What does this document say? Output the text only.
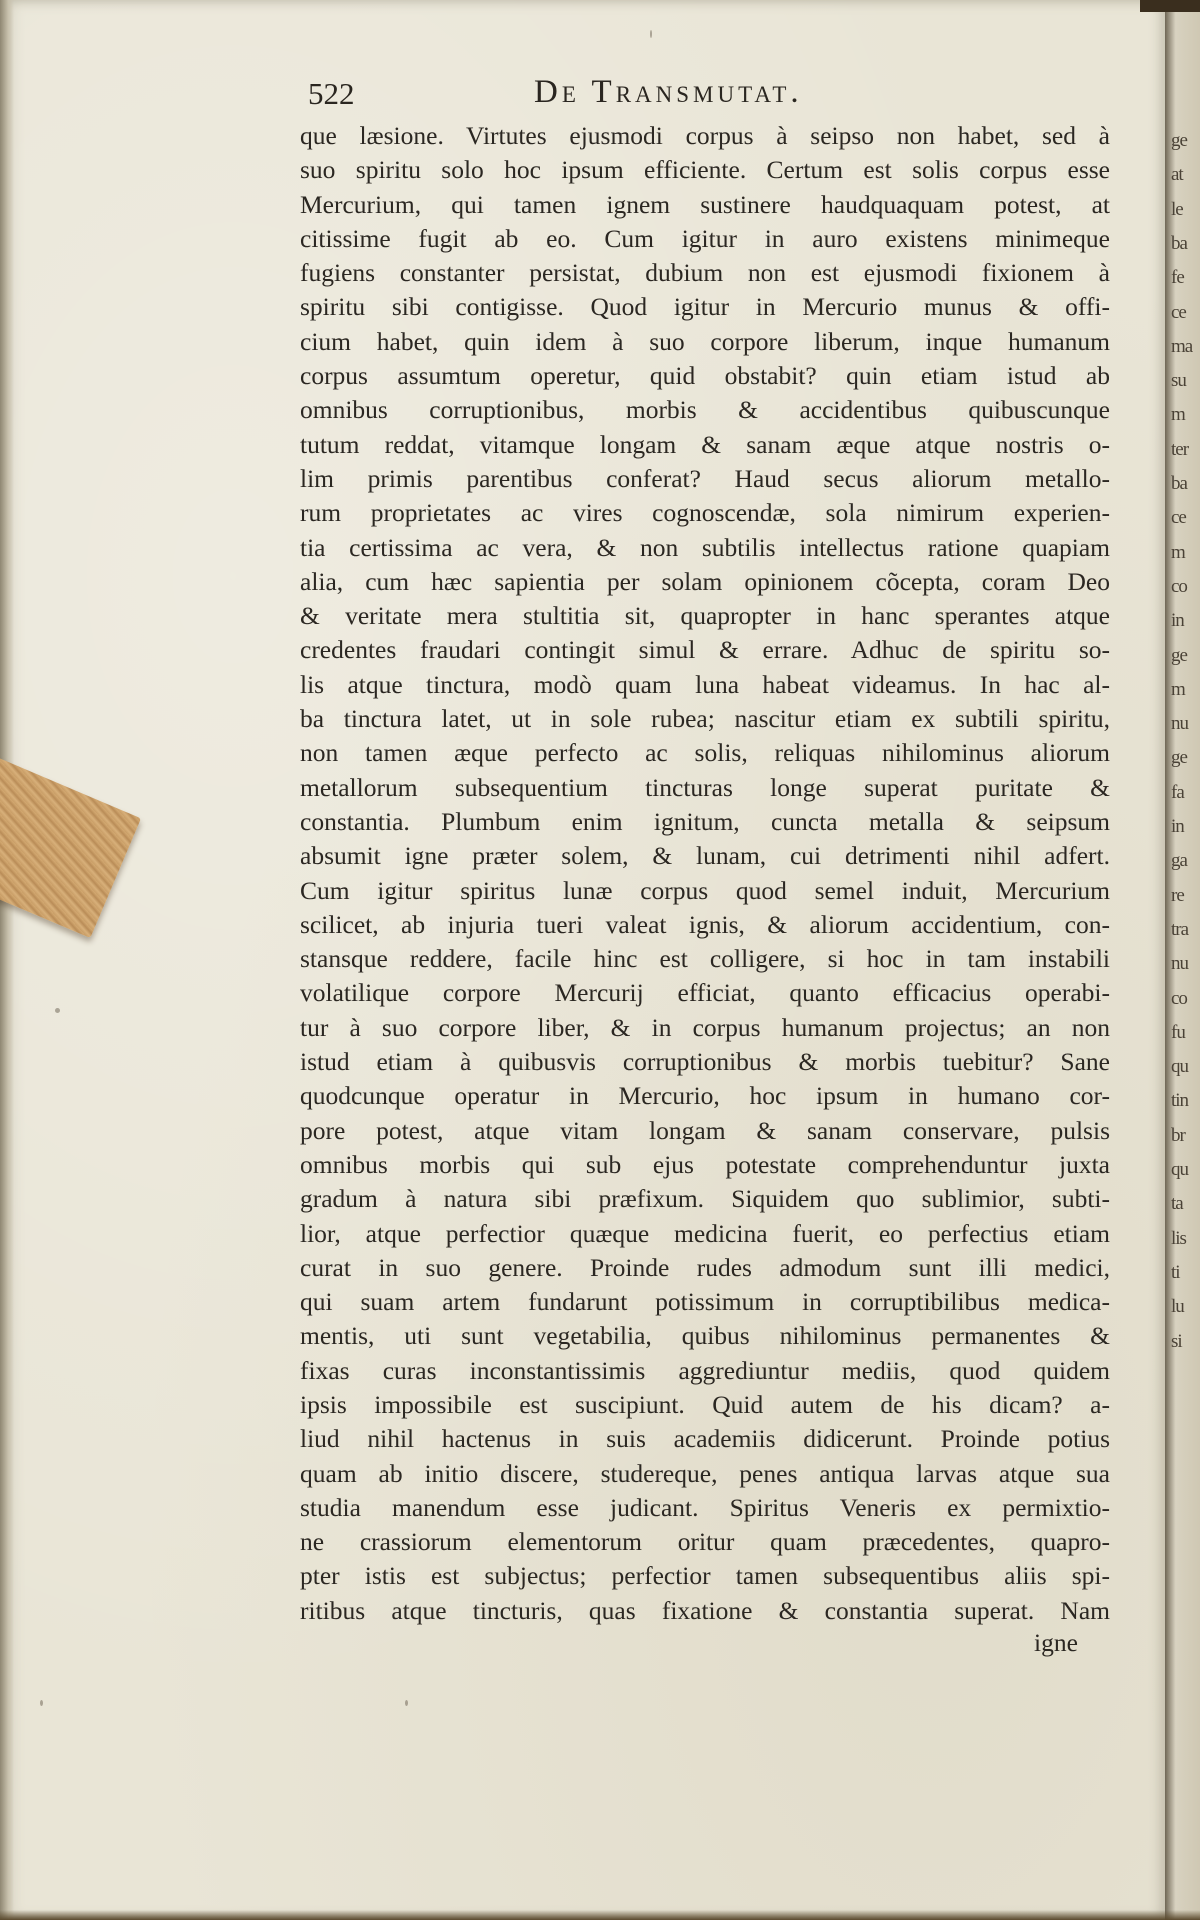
522	De Transmutat.
que læsione. Virtutes ejusmodi corpus à seipso non habet, sed à
suo spiritu solo hoc ipsum efficiente. Certum est solis corpus esse
Mercurium, qui tamen ignem sustinere haudquaquam potest, at
citissime fugit ab eo. Cum igitur in auro existens minimeque
fugiens constanter persistat, dubium non est ejusmodi fixionem à
spiritu sibi contigisse. Quod igitur in Mercurio munus & offi-
cium habet, quin idem à suo corpore liberum, inque humanum
corpus assumtum operetur, quid obstabit? quin etiam istud ab
omnibus corruptionibus, morbis & accidentibus quibuscunque
tutum reddat, vitamque longam & sanam æque atque nostris o-
lim primis parentibus conferat? Haud secus aliorum metallo-
rum proprietates ac vires cognoscendæ, sola nimirum experien-
tia certissima ac vera, & non subtilis intellectus ratione quapiam
alia, cum hæc sapientia per solam opinionem cõcepta, coram Deo
& veritate mera stultitia sit, quapropter in hanc sperantes atque
credentes fraudari contingit simul & errare. Adhuc de spiritu so-
lis atque tinctura, modò quam luna habeat videamus. In hac al-
ba tinctura latet, ut in sole rubea; nascitur etiam ex subtili spiritu,
non tamen æque perfecto ac solis, reliquas nihilominus aliorum
metallorum subsequentium tincturas longe superat puritate &
constantia. Plumbum enim ignitum, cuncta metalla & seipsum
absumit igne præter solem, & lunam, cui detrimenti nihil adfert.
Cum igitur spiritus lunæ corpus quod semel induit, Mercurium
scilicet, ab injuria tueri valeat ignis, & aliorum accidentium, con-
stansque reddere, facile hinc est colligere, si hoc in tam instabili
volatilique corpore Mercurij efficiat, quanto efficacius operabi-
tur à suo corpore liber, & in corpus humanum projectus; an non
istud etiam à quibusvis corruptionibus & morbis tuebitur? Sane
quodcunque operatur in Mercurio, hoc ipsum in humano cor-
pore potest, atque vitam longam & sanam conservare, pulsis
omnibus morbis qui sub ejus potestate comprehenduntur juxta
gradum à natura sibi præfixum. Siquidem quo sublimior, subti-
lior, atque perfectior quæque medicina fuerit, eo perfectius etiam
curat in suo genere. Proinde rudes admodum sunt illi medici,
qui suam artem fundarunt potissimum in corruptibilibus medica-
mentis, uti sunt vegetabilia, quibus nihilominus permanentes &
fixas curas inconstantissimis aggrediuntur mediis, quod quidem
ipsis impossibile est suscipiunt. Quid autem de his dicam? a-
liud nihil hactenus in suis academiis didicerunt. Proinde potius
quam ab initio discere, studereque, penes antiqua larvas atque sua
studia manendum esse judicant. Spiritus Veneris ex permixtio-
ne crassiorum elementorum oritur quam præcedentes, quapro-
pter istis est subjectus; perfectior tamen subsequentibus aliis spi-
ritibus atque tincturis, quas fixatione & constantia superat. Nam
igne
ge
at
le
ba
fe
ce
ma
su
m
ter
ba
ce
m
co
in
ge
m
nu
ge
fa
in
ga
re
tra
nu
co
fu
qu
tin
br
qu
ta
lis
ti
lu
si
